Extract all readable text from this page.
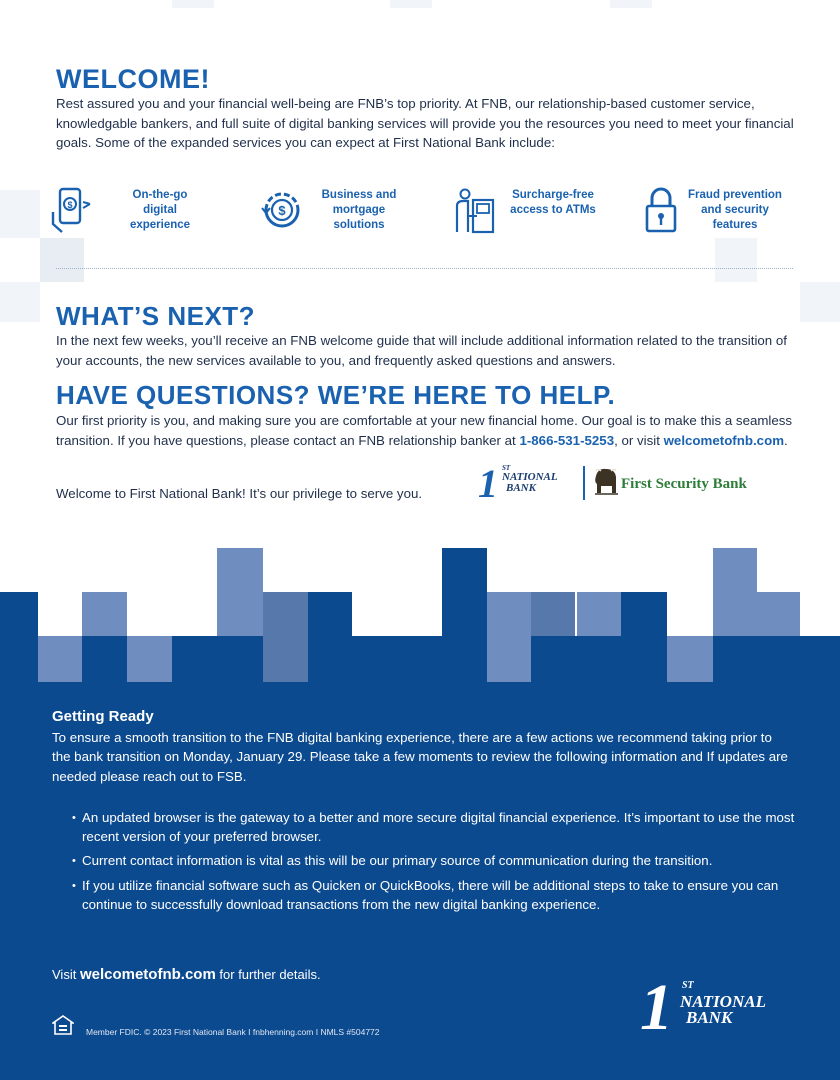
WELCOME!

Rest assured you and your financial well-being are FNB’s top priority. At FNB, our relationship-based customer service, knowledgable bankers, and full suite of digital banking services will provide you the resources you need to meet your financial goals. Some of the expanded services you can expect at First National Bank include:

$
On-the-go digital experience
$
Business and mortgage solutions
Surcharge-free access to ATMs
Fraud prevention and security features
WHAT’S NEXT?

In the next few weeks, you’ll receive an FNB welcome guide that will include additional information related to the transition of your accounts, the new services available to you, and frequently asked questions and answers.

HAVE QUESTIONS? WE’RE HERE TO HELP.

Our first priority is you, and making sure you are comfortable at your new financial home. Our goal is to make this a seamless transition. If you have questions, please contact an FNB relationship banker at 1-866-531-5253, or visit welcometofnb.com.

Welcome to First National Bank! It’s our privilege to serve you.	1 ST
NATIONAL
BANK	First Security Bank
Getting Ready

To ensure a smooth transition to the FNB digital banking experience, there are a few actions we recommend taking prior to the bank transition on Monday, January 29. Please take a few moments to review the following information and If updates are needed please reach out to FSB.

• An updated browser is the gateway to a better and more secure digital financial experience. It’s important to use the most recent version of your preferred browser.

• Current contact information is vital as this will be our primary source of communication during the transition.

• If you utilize financial software such as Quicken or QuickBooks, there will be additional steps to take to ensure you can continue to successfully download transactions from the new digital banking experience.

Visit welcometofnb.com for further details.
Member FDIC. © 2023 First National Bank I fnbhenning.com I NMLS #504772	1 ST
NATIONAL
BANK
